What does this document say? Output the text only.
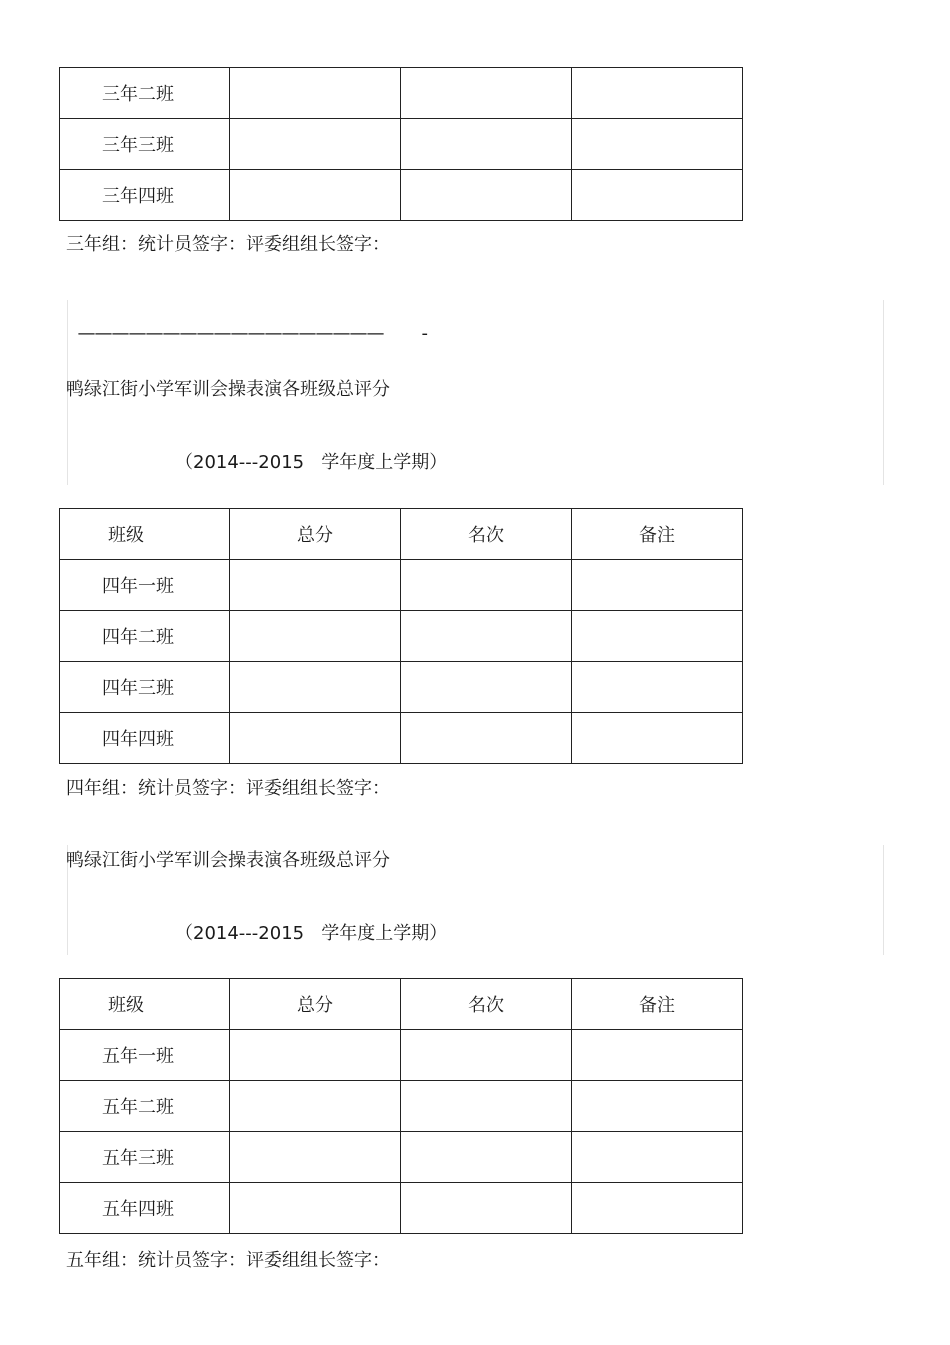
三年二班			
三年三班			
三年四班			
三年组：统计员签字：评委组组长签字：

—————————————————— -

鸭绿江街小学军训会操表演各班级总评分
（2014---2015   学年度上学期）
班级	总分	名次	备注
四年一班			
四年二班			
四年三班			
四年四班			
四年组：统计员签字：评委组组长签字：
鸭绿江街小学军训会操表演各班级总评分
（2014---2015   学年度上学期）
班级	总分	名次	备注
五年一班			
五年二班			
五年三班			
五年四班			
五年组：统计员签字：评委组组长签字：
